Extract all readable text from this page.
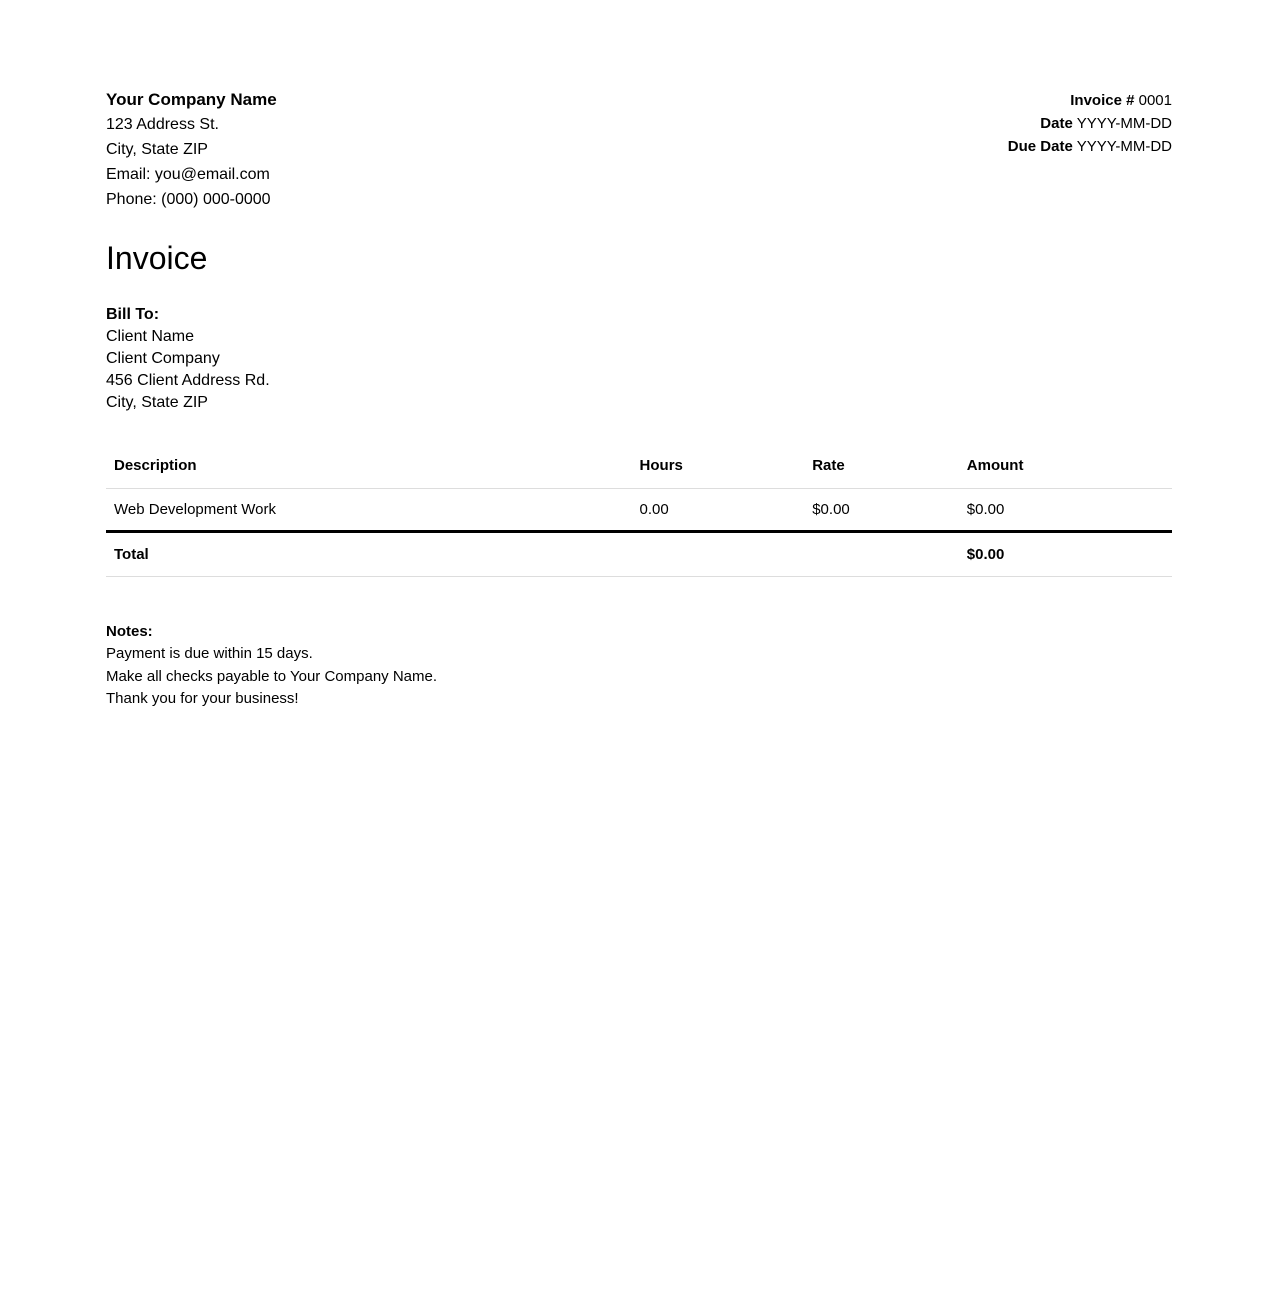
Your Company Name
123 Address St.
City, State ZIP
Email: you@email.com
Phone: (000) 000-0000
Invoice # 0001
Date YYYY-MM-DD
Due Date YYYY-MM-DD
Invoice
Bill To:
Client Name
Client Company
456 Client Address Rd.
City, State ZIP
Description	Hours	Rate	Amount
Web Development Work	0.00	$0.00	$0.00
Total			$0.00
Notes:
Payment is due within 15 days.
Make all checks payable to Your Company Name.
Thank you for your business!
